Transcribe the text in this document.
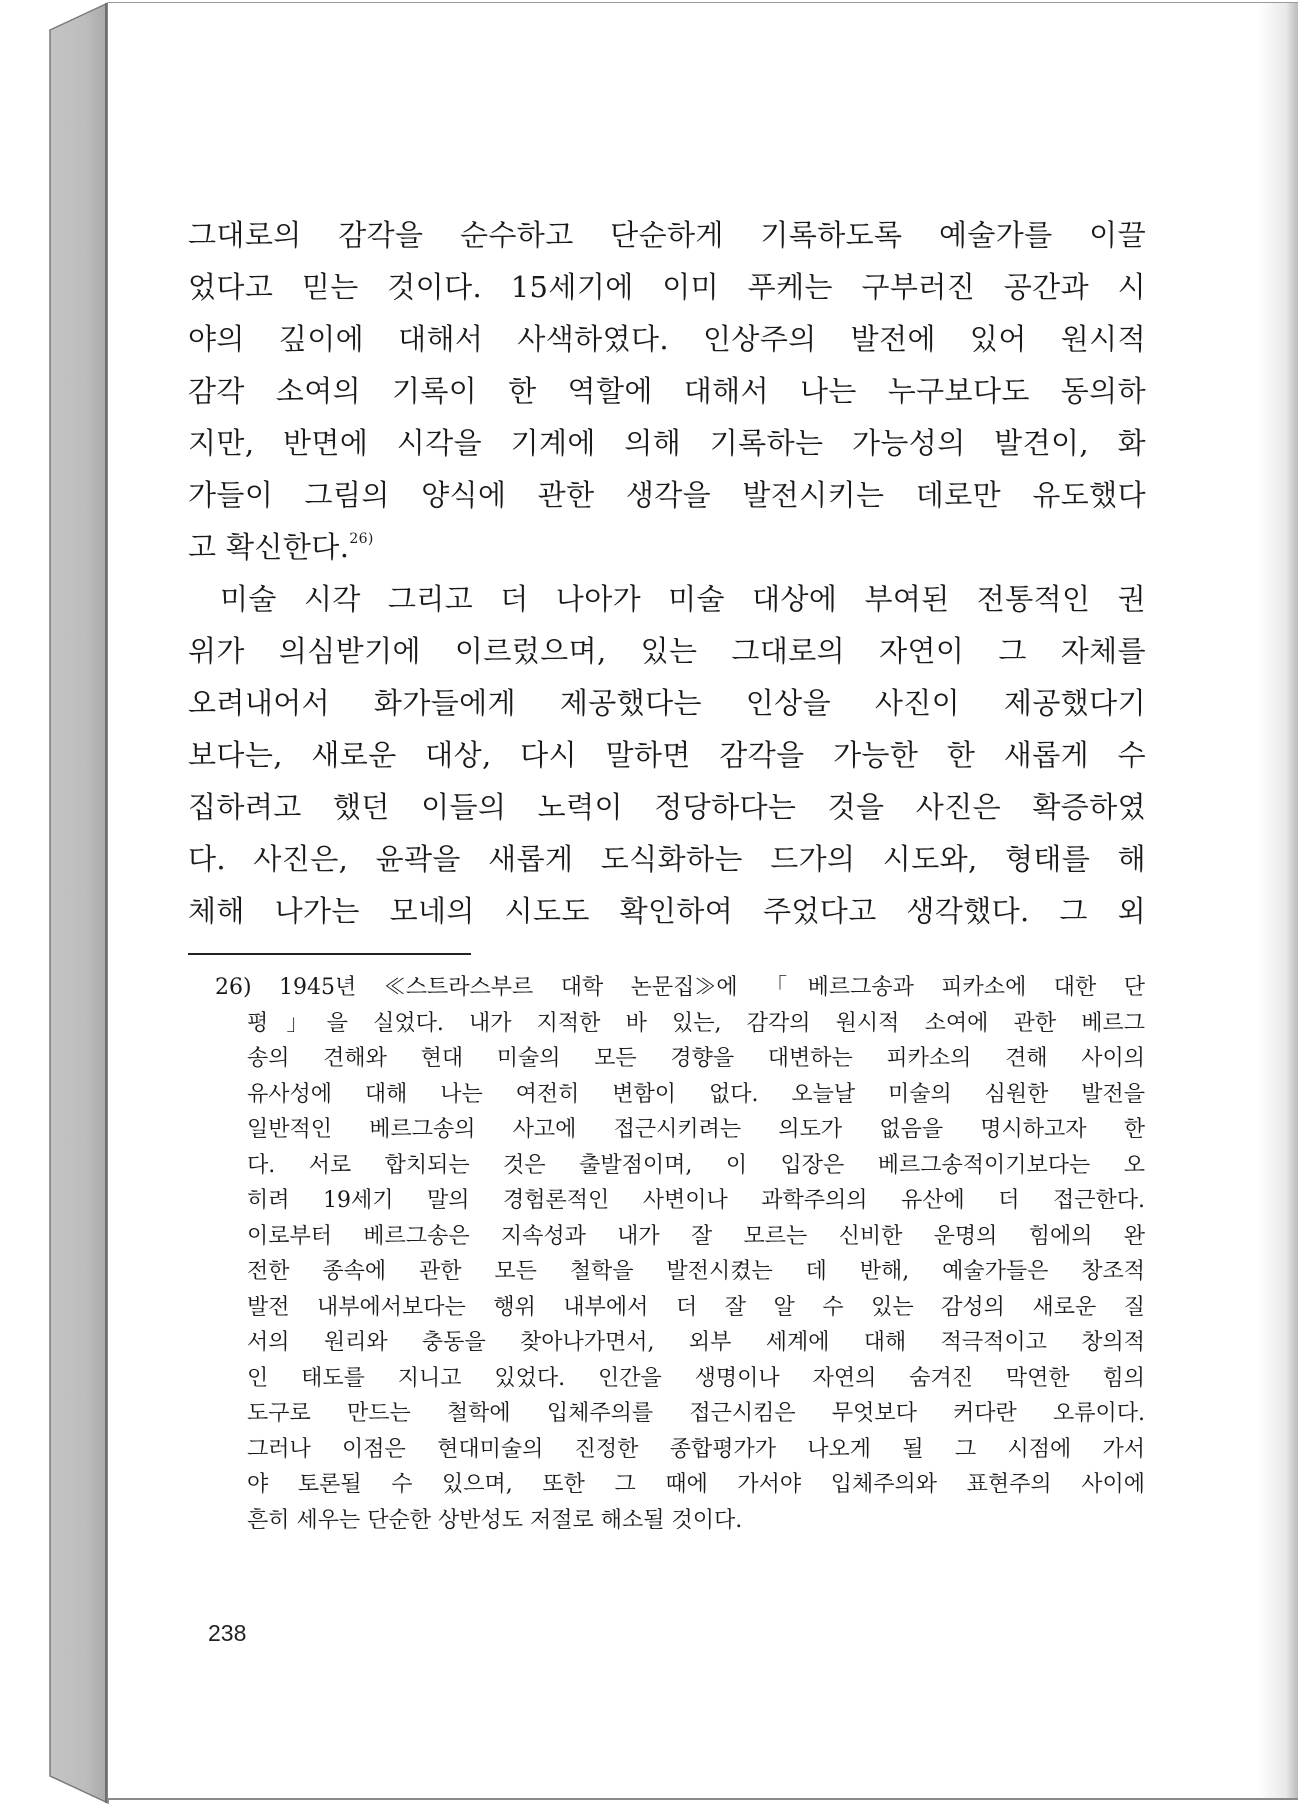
그대로의 감각을 순수하고 단순하게 기록하도록 예술가를 이끌
었다고 믿는 것이다. 15세기에 이미 푸케는 구부러진 공간과 시
야의 깊이에 대해서 사색하였다. 인상주의 발전에 있어 원시적
감각 소여의 기록이 한 역할에 대해서 나는 누구보다도 동의하
지만, 반면에 시각을 기계에 의해 기록하는 가능성의 발견이, 화
가들이 그림의 양식에 관한 생각을 발전시키는 데로만 유도했다
고 확신한다.$^{26)}$
미술 시각 그리고 더 나아가 미술 대상에 부여된 전통적인 권
위가 의심받기에 이르렀으며, 있는 그대로의 자연이 그 자체를
오려내어서 화가들에게 제공했다는 인상을 사진이 제공했다기
보다는, 새로운 대상, 다시 말하면 감각을 가능한 한 새롭게 수
집하려고 했던 이들의 노력이 정당하다는 것을 사진은 확증하였
다. 사진은, 윤곽을 새롭게 도식화하는 드가의 시도와, 형태를 해
체해 나가는 모네의 시도도 확인하여 주었다고 생각했다. 그 외
26) 1945년 ≪스트라스부르 대학 논문집≫에 「베르그송과 피카소에 대한 단
평」을 실었다. 내가 지적한 바 있는, 감각의 원시적 소여에 관한 베르그
송의 견해와 현대 미술의 모든 경향을 대변하는 피카소의 견해 사이의
유사성에 대해 나는 여전히 변함이 없다. 오늘날 미술의 심원한 발전을
일반적인 베르그송의 사고에 접근시키려는 의도가 없음을 명시하고자 한
다. 서로 합치되는 것은 출발점이며, 이 입장은 베르그송적이기보다는 오
히려 19세기 말의 경험론적인 사변이나 과학주의의 유산에 더 접근한다.
이로부터 베르그송은 지속성과 내가 잘 모르는 신비한 운명의 힘에의 완
전한 종속에 관한 모든 철학을 발전시켰는 데 반해, 예술가들은 창조적
발전 내부에서보다는 행위 내부에서 더 잘 알 수 있는 감성의 새로운 질
서의 원리와 충동을 찾아나가면서, 외부 세계에 대해 적극적이고 창의적
인 태도를 지니고 있었다. 인간을 생명이나 자연의 숨겨진 막연한 힘의
도구로 만드는 철학에 입체주의를 접근시킴은 무엇보다 커다란 오류이다.
그러나 이점은 현대미술의 진정한 종합평가가 나오게 될 그 시점에 가서
야 토론될 수 있으며, 또한 그 때에 가서야 입체주의와 표현주의 사이에
흔히 세우는 단순한 상반성도 저절로 해소될 것이다.
238
